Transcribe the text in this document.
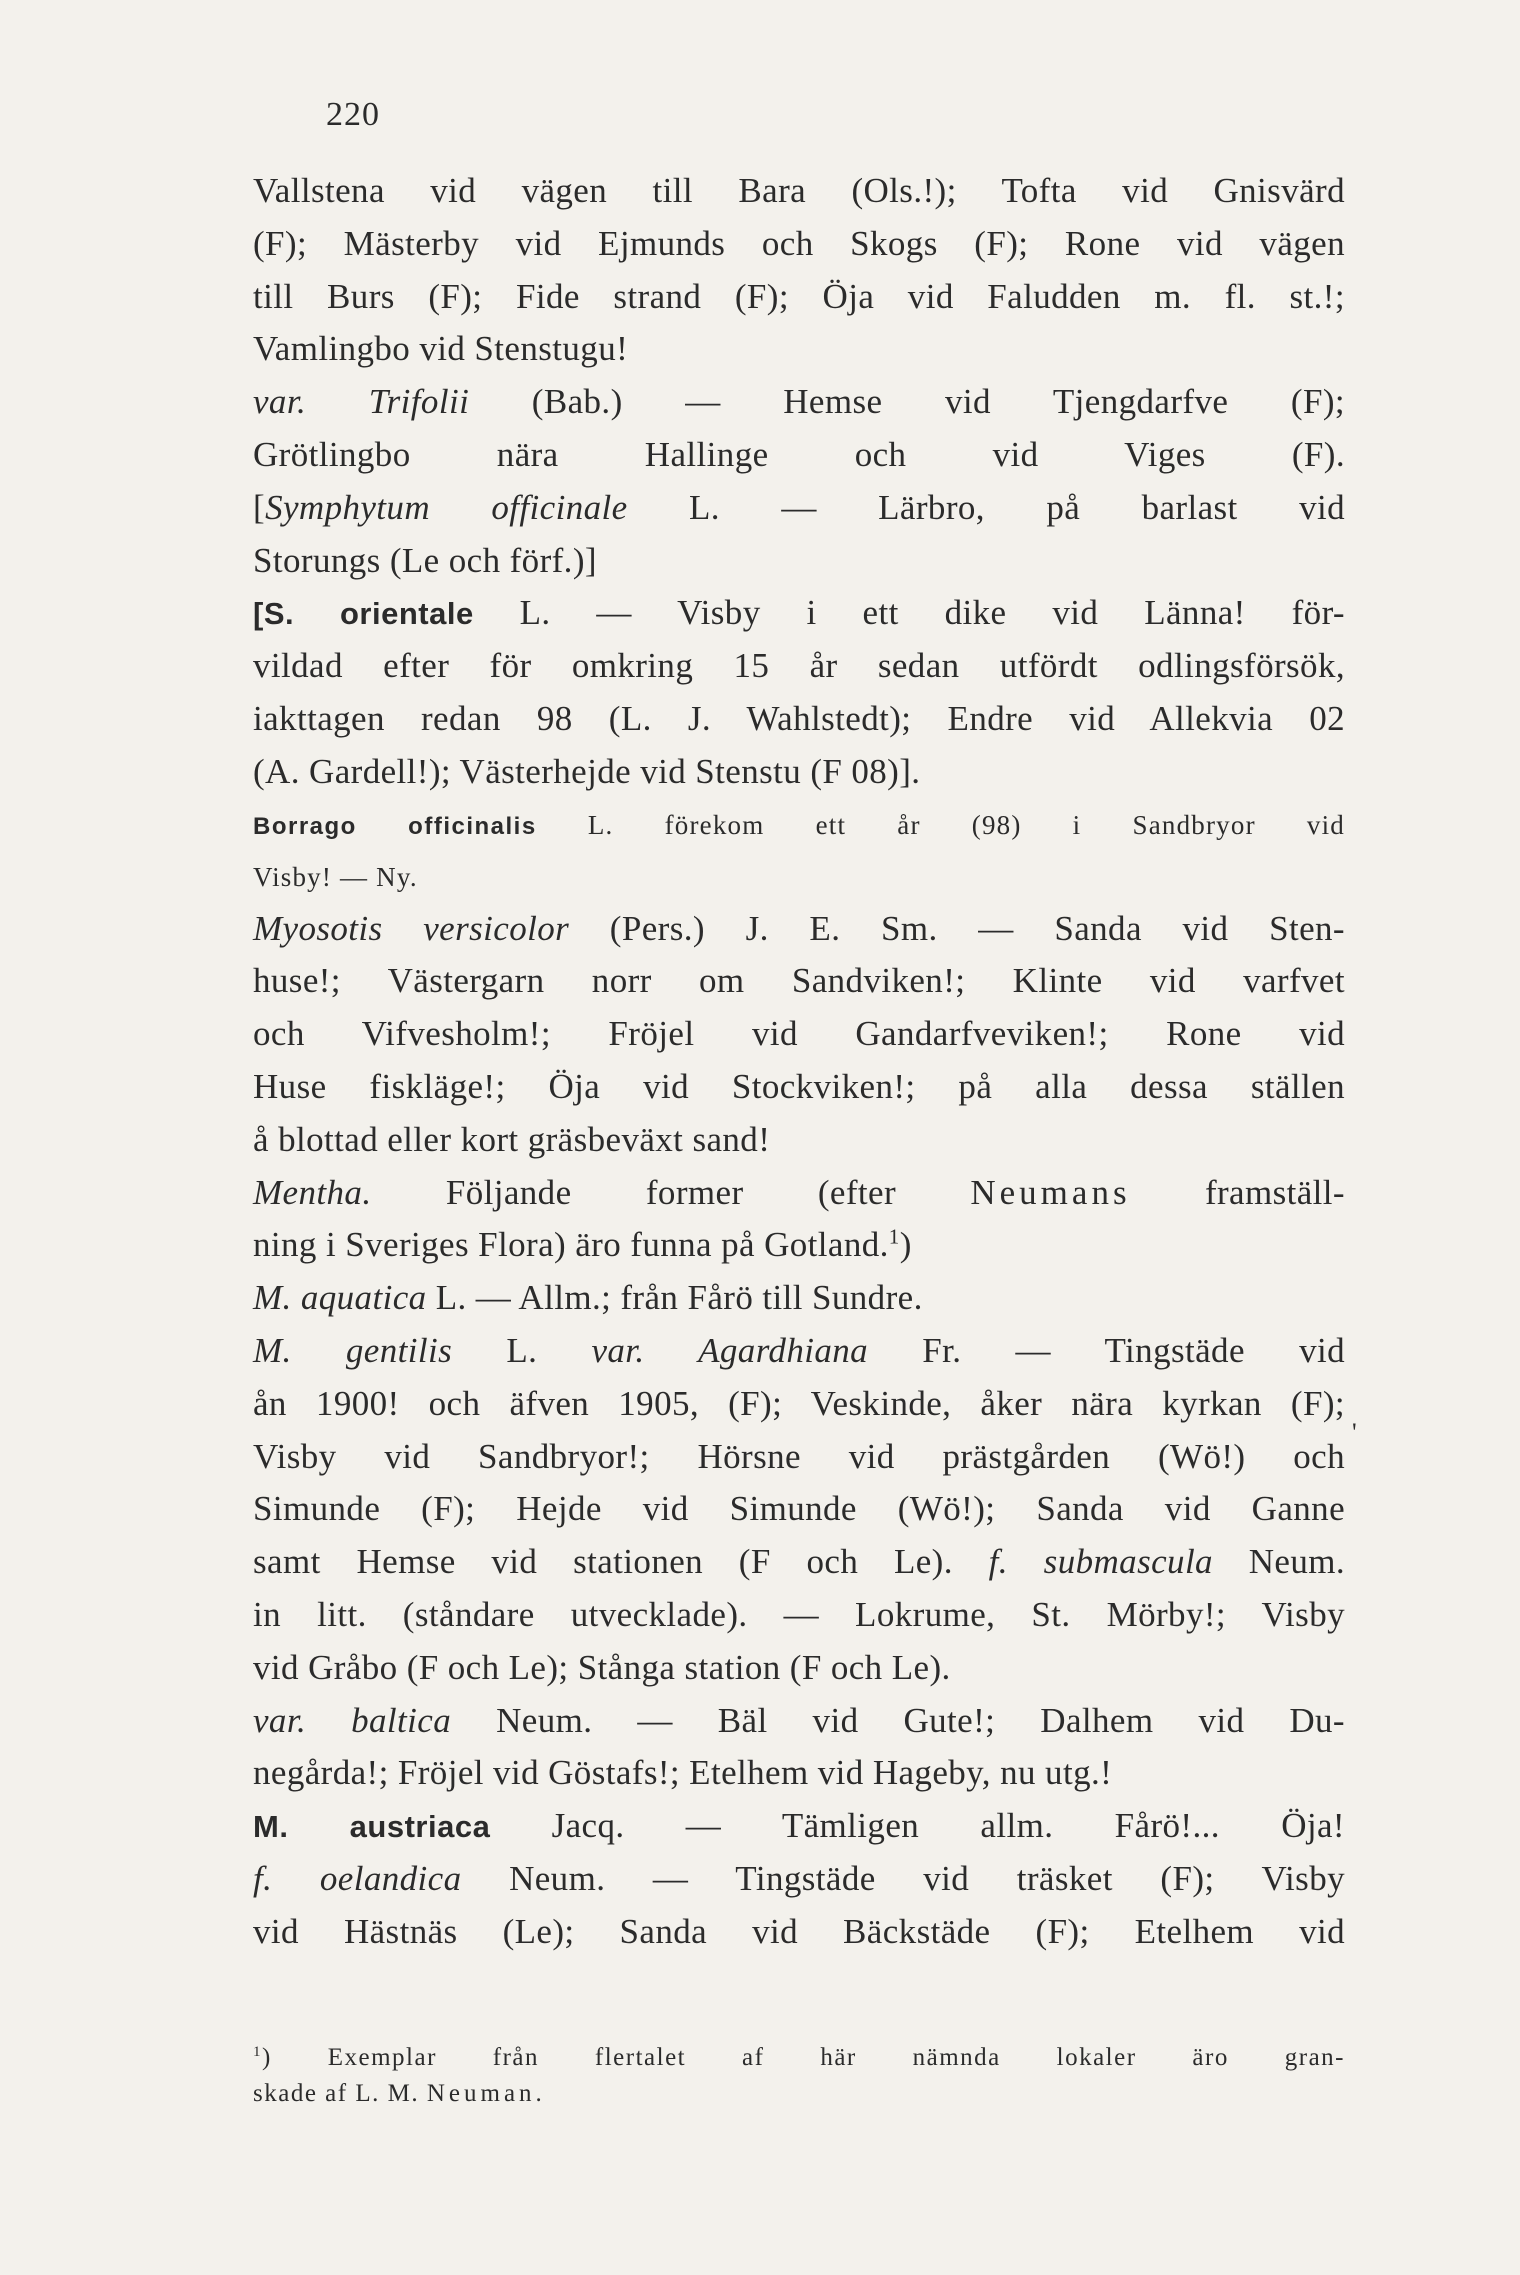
220
'
Vallstena vid vägen till Bara (Ols.!); Tofta vid Gnisvärd
(F); Mästerby vid Ejmunds och Skogs (F); Rone vid vägen
till Burs (F); Fide strand (F); Öja vid Faludden m. fl. st.!;
Vamlingbo vid Stenstugu!
var. Trifolii (Bab.) — Hemse vid Tjengdarfve (F);
Grötlingbo nära Hallinge och vid Viges (F).
[Symphytum officinale L. — Lärbro, på barlast vid
Storungs (Le och förf.)]
[S. orientale L. — Visby i ett dike vid Länna! för-
vildad efter för omkring 15 år sedan utfördt odlingsförsök,
iakttagen redan 98 (L. J. Wahlstedt); Endre vid Allekvia 02
(A. Gardell!); Västerhejde vid Stenstu (F 08)].
Borrago officinalis L. förekom ett år (98) i Sandbryor vid
Visby! — Ny.
Myosotis versicolor (Pers.) J. E. Sm. — Sanda vid Sten-
huse!; Västergarn norr om Sandviken!; Klinte vid varfvet
och Vifvesholm!; Fröjel vid Gandarfveviken!; Rone vid
Huse fiskläge!; Öja vid Stockviken!; på alla dessa ställen
å blottad eller kort gräsbeväxt sand!
Mentha. Följande former (efter Neumans framställ-
ning i Sveriges Flora) äro funna på Gotland.$^1$)
M. aquatica L. — Allm.; från Fårö till Sundre.
M. gentilis L. var. Agardhiana Fr. — Tingstäde vid
ån 1900! och äfven 1905, (F); Veskinde, åker nära kyrkan (F);
Visby vid Sandbryor!; Hörsne vid prästgården (Wö!) och
Simunde (F); Hejde vid Simunde (Wö!); Sanda vid Ganne
samt Hemse vid stationen (F och Le). f. submascula Neum.
in litt. (ståndare utvecklade). — Lokrume, St. Mörby!; Visby
vid Gråbo (F och Le); Stånga station (F och Le).
var. baltica Neum. — Bäl vid Gute!; Dalhem vid Du-
negårda!; Fröjel vid Göstafs!; Etelhem vid Hageby, nu utg.!
M. austriaca Jacq. — Tämligen allm. Fårö!... Öja!
f. oelandica Neum. — Tingstäde vid träsket (F); Visby
vid Hästnäs (Le); Sanda vid Bäckstäde (F); Etelhem vid
$^1$) Exemplar från flertalet af här nämnda lokaler äro gran-
skade af L. M. Neuman.
